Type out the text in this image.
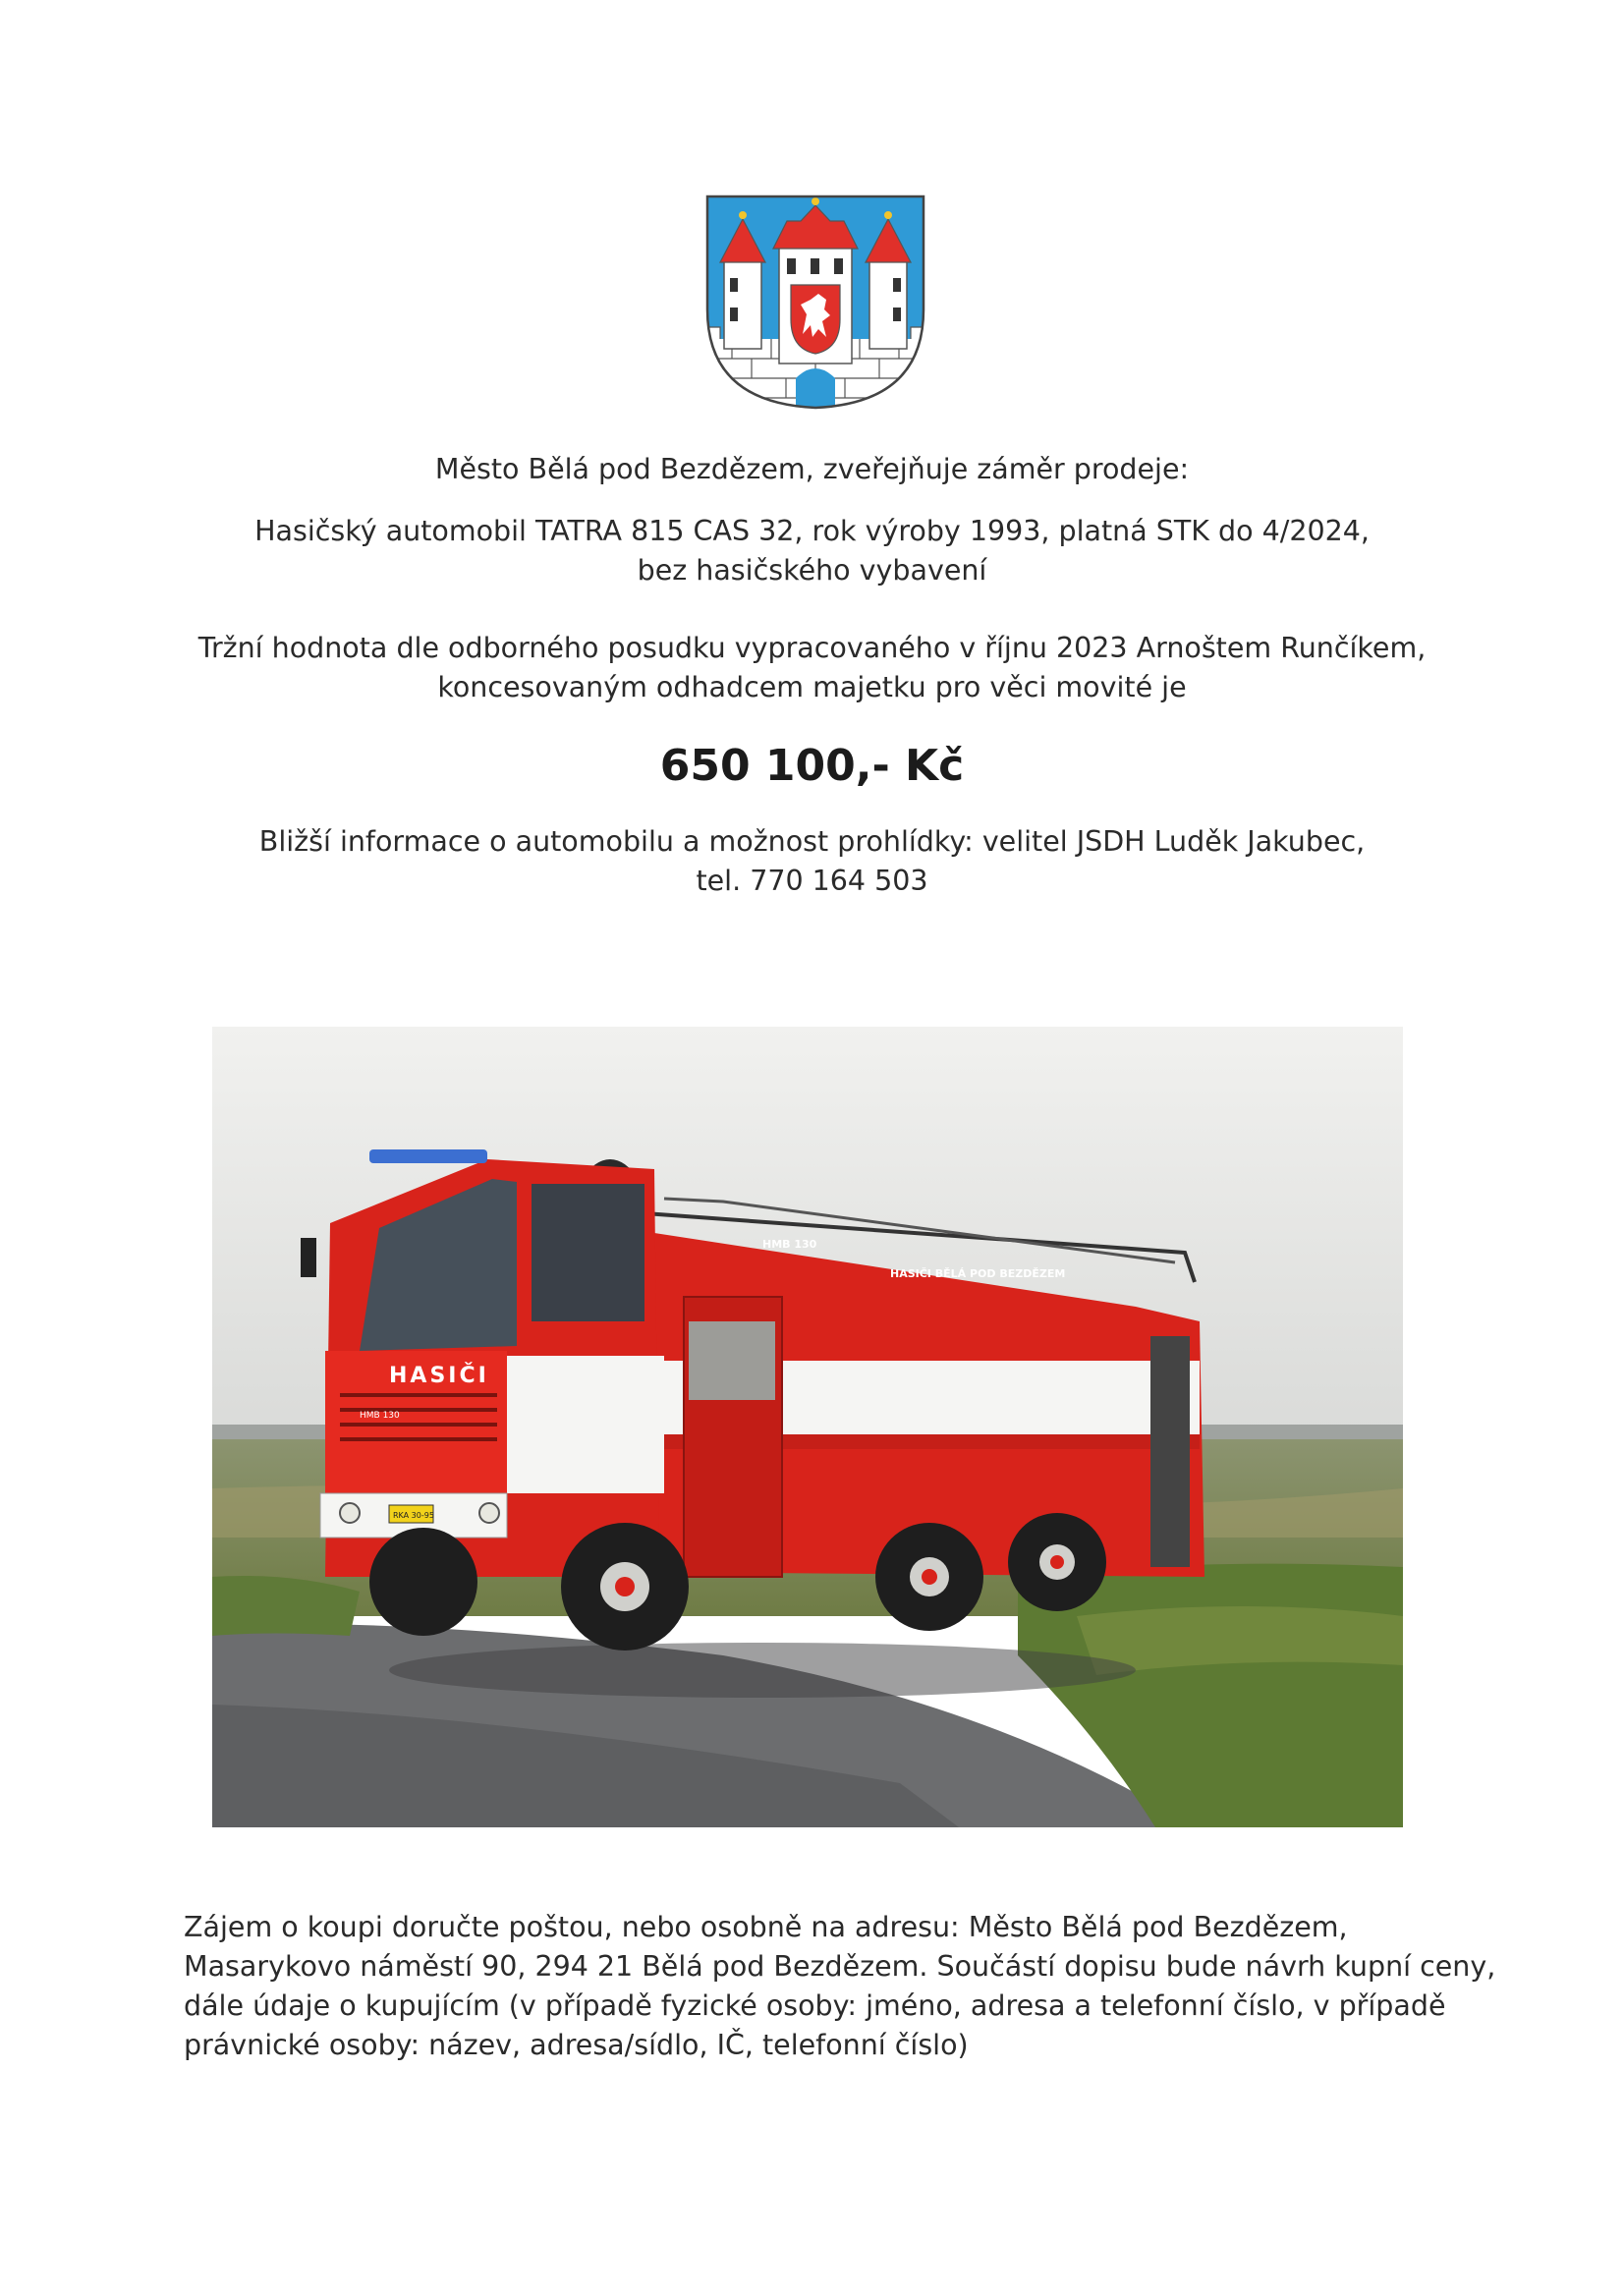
Město Bělá pod Bezdězem, zveřejňuje záměr prodeje:
Hasičský automobil TATRA 815 CAS 32, rok výroby 1993, platná STK do 4/2024,
bez hasičského vybavení
Tržní hodnota dle odborného posudku vypracovaného v říjnu 2023 Arnoštem Runčíkem,
koncesovaným odhadcem majetku pro věci movité je
650 100,- Kč
Bližší informace o automobilu a možnost prohlídky: velitel JSDH Luděk Jakubec,
tel. 770 164 503
HASIČI BĚLÁ POD BEZDĚZEM
HMB 130
HASIČI
HMB 130
RKA 30-95
Zájem o koupi doručte poštou, nebo osobně na adresu: Město Bělá pod Bezdězem,
Masarykovo náměstí 90, 294 21 Bělá pod Bezdězem. Součástí dopisu bude návrh kupní ceny,
dále údaje o kupujícím (v případě fyzické osoby: jméno, adresa a telefonní číslo, v případě
právnické osoby: název, adresa/sídlo, IČ, telefonní číslo)
